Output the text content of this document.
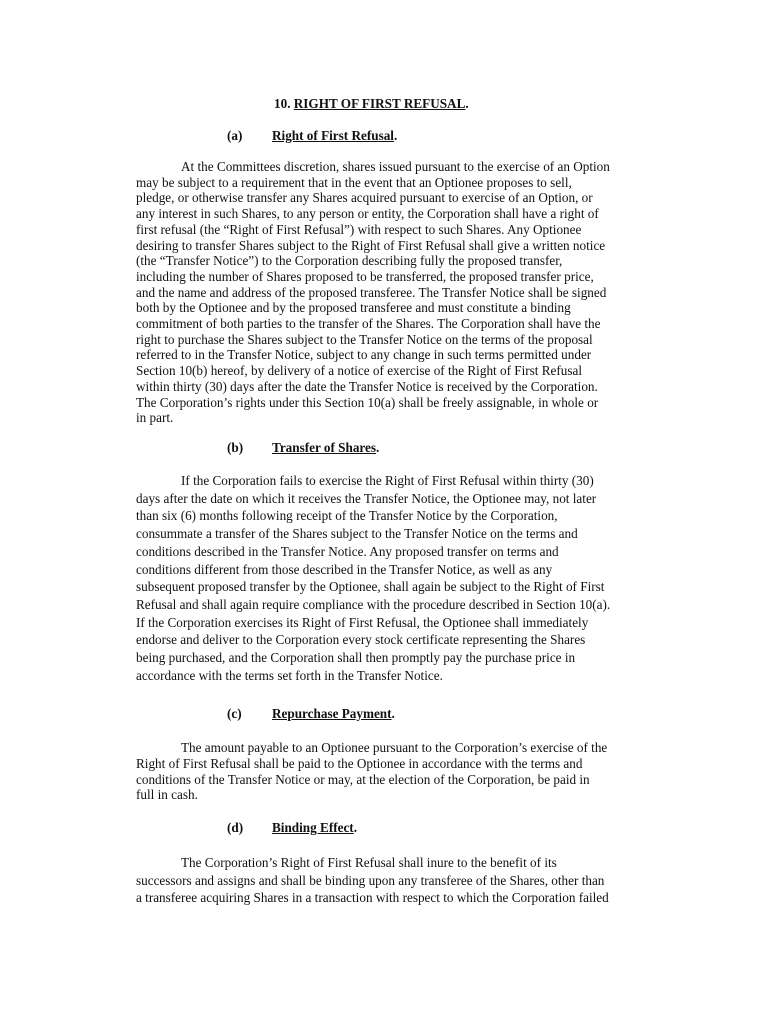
10. RIGHT OF FIRST REFUSAL.
(a) Right of First Refusal.
At the Committees discretion, shares issued pursuant to the exercise of an Option
may be subject to a requirement that in the event that an Optionee proposes to sell,
pledge, or otherwise transfer any Shares acquired pursuant to exercise of an Option, or
any interest in such Shares, to any person or entity, the Corporation shall have a right of
first refusal (the “Right of First Refusal”) with respect to such Shares. Any Optionee
desiring to transfer Shares subject to the Right of First Refusal shall give a written notice
(the “Transfer Notice”) to the Corporation describing fully the proposed transfer,
including the number of Shares proposed to be transferred, the proposed transfer price,
and the name and address of the proposed transferee. The Transfer Notice shall be signed
both by the Optionee and by the proposed transferee and must constitute a binding
commitment of both parties to the transfer of the Shares. The Corporation shall have the
right to purchase the Shares subject to the Transfer Notice on the terms of the proposal
referred to in the Transfer Notice, subject to any change in such terms permitted under
Section 10(b) hereof, by delivery of a notice of exercise of the Right of First Refusal
within thirty (30) days after the date the Transfer Notice is received by the Corporation.
The Corporation’s rights under this Section 10(a) shall be freely assignable, in whole or
in part.
(b) Transfer of Shares.
If the Corporation fails to exercise the Right of First Refusal within thirty (30)
days after the date on which it receives the Transfer Notice, the Optionee may, not later
than six (6) months following receipt of the Transfer Notice by the Corporation,
consummate a transfer of the Shares subject to the Transfer Notice on the terms and
conditions described in the Transfer Notice. Any proposed transfer on terms and
conditions different from those described in the Transfer Notice, as well as any
subsequent proposed transfer by the Optionee, shall again be subject to the Right of First
Refusal and shall again require compliance with the procedure described in Section 10(a).
If the Corporation exercises its Right of First Refusal, the Optionee shall immediately
endorse and deliver to the Corporation every stock certificate representing the Shares
being purchased, and the Corporation shall then promptly pay the purchase price in
accordance with the terms set forth in the Transfer Notice.
(c) Repurchase Payment.
The amount payable to an Optionee pursuant to the Corporation’s exercise of the
Right of First Refusal shall be paid to the Optionee in accordance with the terms and
conditions of the Transfer Notice or may, at the election of the Corporation, be paid in
full in cash.
(d) Binding Effect.
The Corporation’s Right of First Refusal shall inure to the benefit of its
successors and assigns and shall be binding upon any transferee of the Shares, other than
a transferee acquiring Shares in a transaction with respect to which the Corporation failed
